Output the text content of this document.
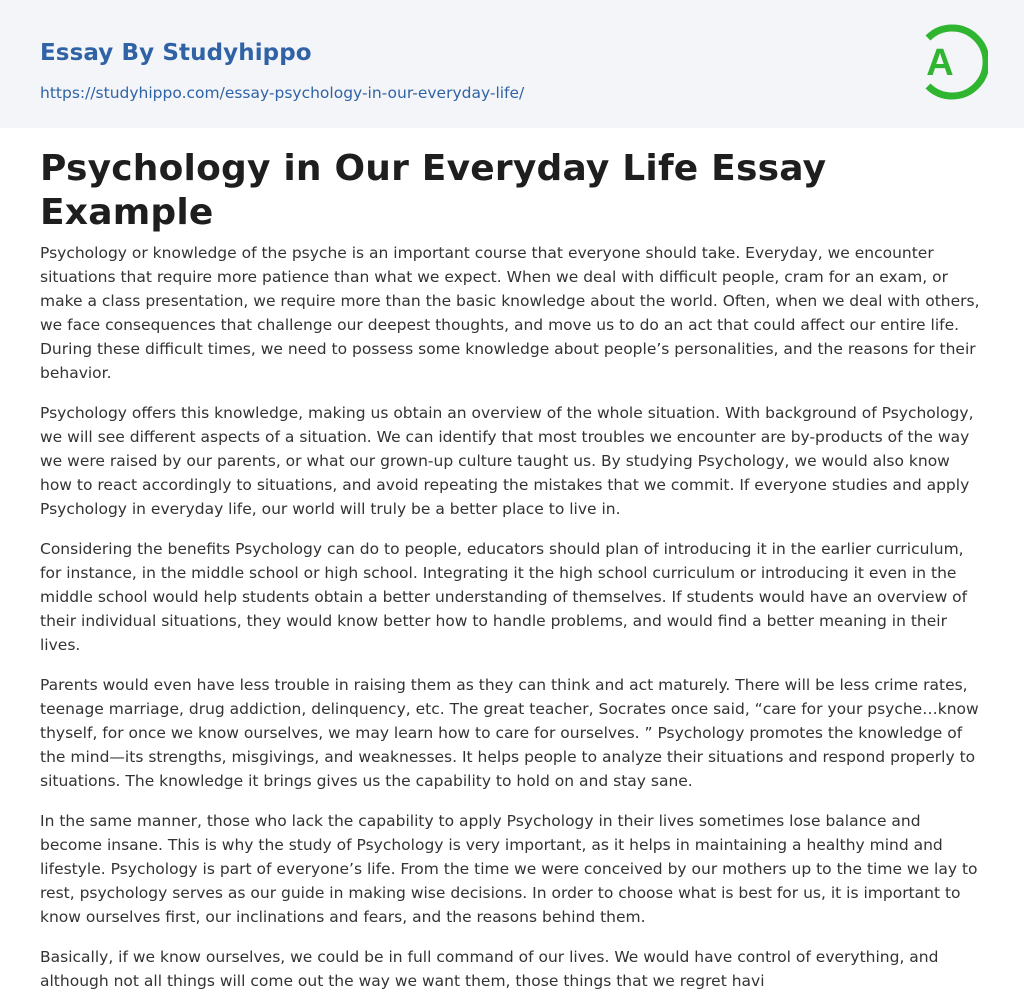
Essay By Studyhippo
https://studyhippo.com/essay-psychology-in-our-everyday-life/
A
Psychology in Our Everyday Life Essay Example

Psychology or knowledge of the psyche is an important course that everyone should take. Everyday, we encounter situations that require more patience than what we expect. When we deal with difficult people, cram for an exam, or make a class presentation, we require more than the basic knowledge about the world. Often, when we deal with others, we face consequences that challenge our deepest thoughts, and move us to do an act that could affect our entire life. During these difficult times, we need to possess some knowledge about people’s personalities, and the reasons for their behavior.

Psychology offers this knowledge, making us obtain an overview of the whole situation. With background of Psychology, we will see different aspects of a situation. We can identify that most troubles we encounter are by-products of the way we were raised by our parents, or what our grown-up culture taught us. By studying Psychology, we would also know how to react accordingly to situations, and avoid repeating the mistakes that we commit. If everyone studies and apply Psychology in everyday life, our world will truly be a better place to live in.

Considering the benefits Psychology can do to people, educators should plan of introducing it in the earlier curriculum, for instance, in the middle school or high school. Integrating it the high school curriculum or introducing it even in the middle school would help students obtain a better understanding of themselves. If students would have an overview of their individual situations, they would know better how to handle problems, and would find a better meaning in their lives.

Parents would even have less trouble in raising them as they can think and act maturely. There will be less crime rates, teenage marriage, drug addiction, delinquency, etc. The great teacher, Socrates once said, “care for your psyche…know thyself, for once we know ourselves, we may learn how to care for ourselves. ” Psychology promotes the knowledge of the mind—its strengths, misgivings, and weaknesses. It helps people to analyze their situations and respond properly to situations. The knowledge it brings gives us the capability to hold on and stay sane.

In the same manner, those who lack the capability to apply Psychology in their lives sometimes lose balance and become insane. This is why the study of Psychology is very important, as it helps in maintaining a healthy mind and lifestyle. Psychology is part of everyone’s life. From the time we were conceived by our mothers up to the time we lay to rest, psychology serves as our guide in making wise decisions. In order to choose what is best for us, it is important to know ourselves first, our inclinations and fears, and the reasons behind them.

Basically, if we know ourselves, we could be in full command of our lives. We would have control of everything, and although not all things will come out the way we want them, those things that we regret havi
